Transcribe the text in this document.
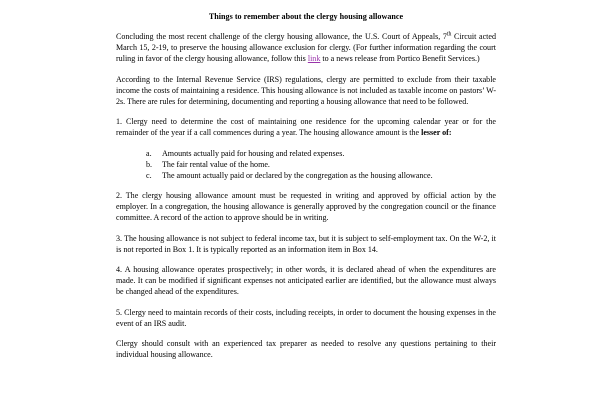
Things to remember about the clergy housing allowance

Concluding the most recent challenge of the clergy housing allowance, the U.S. Court of Appeals, 7th Circuit acted March 15, 2-19, to preserve the housing allowance exclusion for clergy. (For further information regarding the court ruling in favor of the clergy housing allowance, follow this link to a news release from Portico Benefit Services.)

According to the Internal Revenue Service (IRS) regulations, clergy are permitted to exclude from their taxable income the costs of maintaining a residence. This housing allowance is not included as taxable income on pastors’ W-2s. There are rules for determining, documenting and reporting a housing allowance that need to be followed.

1. Clergy need to determine the cost of maintaining one residence for the upcoming calendar year or for the remainder of the year if a call commences during a year. The housing allowance amount is the lesser of:

a.	Amounts actually paid for housing and related expenses.
b.	The fair rental value of the home.
c.	The amount actually paid or declared by the congregation as the housing allowance.

2. The clergy housing allowance amount must be requested in writing and approved by official action by the employer. In a congregation, the housing allowance is generally approved by the congregation council or the finance committee. A record of the action to approve should be in writing.

3. The housing allowance is not subject to federal income tax, but it is subject to self-employment tax. On the W-2, it is not reported in Box 1. It is typically reported as an information item in Box 14.

4. A housing allowance operates prospectively; in other words, it is declared ahead of when the expenditures are made. It can be modified if significant expenses not anticipated earlier are identified, but the allowance must always be changed ahead of the expenditures.

5. Clergy need to maintain records of their costs, including receipts, in order to document the housing expenses in the event of an IRS audit.

Clergy should consult with an experienced tax preparer as needed to resolve any questions pertaining to their individual housing allowance.
